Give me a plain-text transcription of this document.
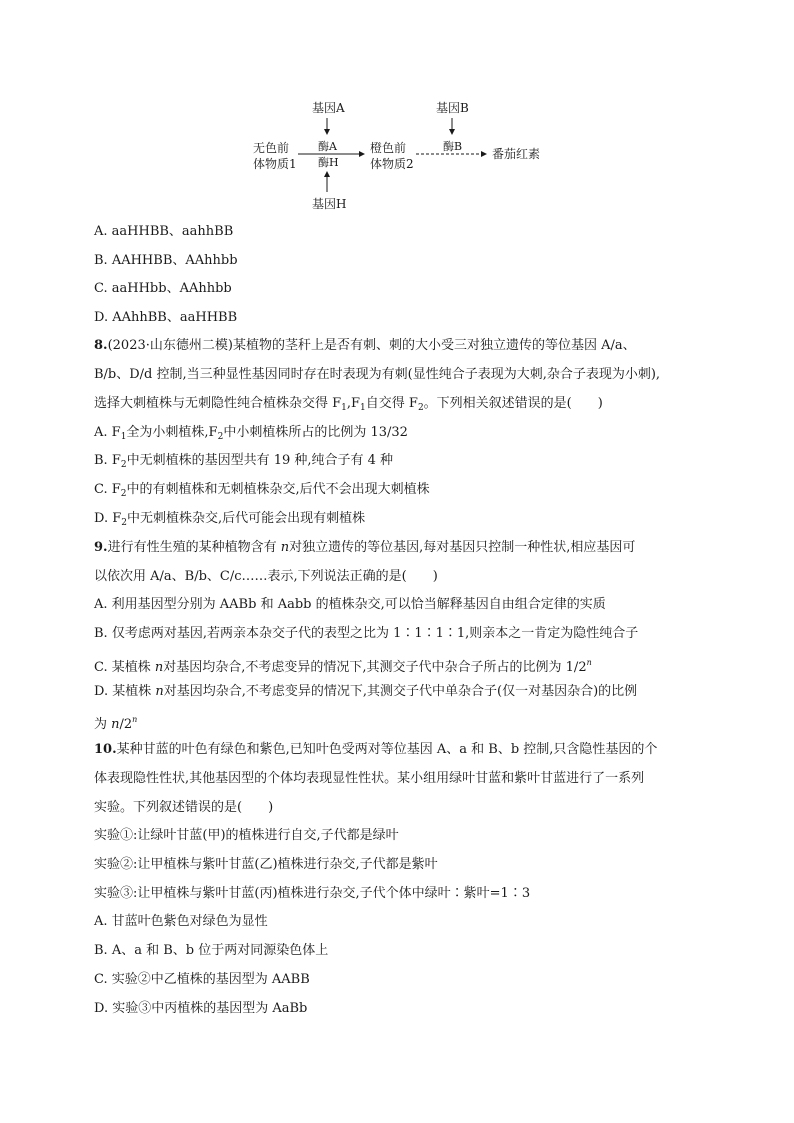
基因A	基因B
无色前
体物质1
酶A
酶H
橙色前
体物质2
酶B
番茄红素
基因H
A. aaHHBB、aahhBB
B. AAHHBB、AAhhbb
C. aaHHbb、AAhhbb
D. AAhhBB、aaHHBB
8.(2023·山东德州二模)某植物的茎秆上是否有刺、刺的大小受三对独立遗传的等位基因 A/a、
B/b、D/d 控制,当三种显性基因同时存在时表现为有刺(显性纯合子表现为大刺,杂合子表现为小刺),
选择大刺植株与无刺隐性纯合植株杂交得 $F_1,F_1$自交得 $F_2$。下列相关叙述错误的是(　　)
A. $F_1$全为小刺植株$,F_2$中小刺植株所占的比例为 13/32
B. $F_2$中无刺植株的基因型共有 19 种,纯合子有 4 种
C. $F_2$中的有刺植株和无刺植株杂交,后代不会出现大刺植株
D. $F_2$中无刺植株杂交,后代可能会出现有刺植株
9.进行有性生殖的某种植物含有 n对独立遗传的等位基因,每对基因只控制一种性状,相应基因可
以依次用 A/a、B/b、C/c……表示,下列说法正确的是(　　)
A. 利用基因型分别为 AABb 和 Aabb 的植株杂交,可以恰当解释基因自由组合定律的实质
B. 仅考虑两对基因,若两亲本杂交子代的表型之比为 1∶1∶1∶1,则亲本之一肯定为隐性纯合子
C. 某植株 n对基因均杂合,不考虑变异的情况下,其测交子代中杂合子所占的比例为 1/2$^n$
D. 某植株 n对基因均杂合,不考虑变异的情况下,其测交子代中单杂合子(仅一对基因杂合)的比例
为 n/2$^n$
10.某种甘蓝的叶色有绿色和紫色,已知叶色受两对等位基因 A、a 和 B、b 控制,只含隐性基因的个
体表现隐性性状,其他基因型的个体均表现显性性状。某小组用绿叶甘蓝和紫叶甘蓝进行了一系列
实验。下列叙述错误的是(　　)
实验①:让绿叶甘蓝(甲)的植株进行自交,子代都是绿叶
实验②:让甲植株与紫叶甘蓝(乙)植株进行杂交,子代都是紫叶
实验③:让甲植株与紫叶甘蓝(丙)植株进行杂交,子代个体中绿叶∶紫叶=1∶3
A. 甘蓝叶色紫色对绿色为显性
B. A、a 和 B、b 位于两对同源染色体上
C. 实验②中乙植株的基因型为 AABB
D. 实验③中丙植株的基因型为 AaBb
